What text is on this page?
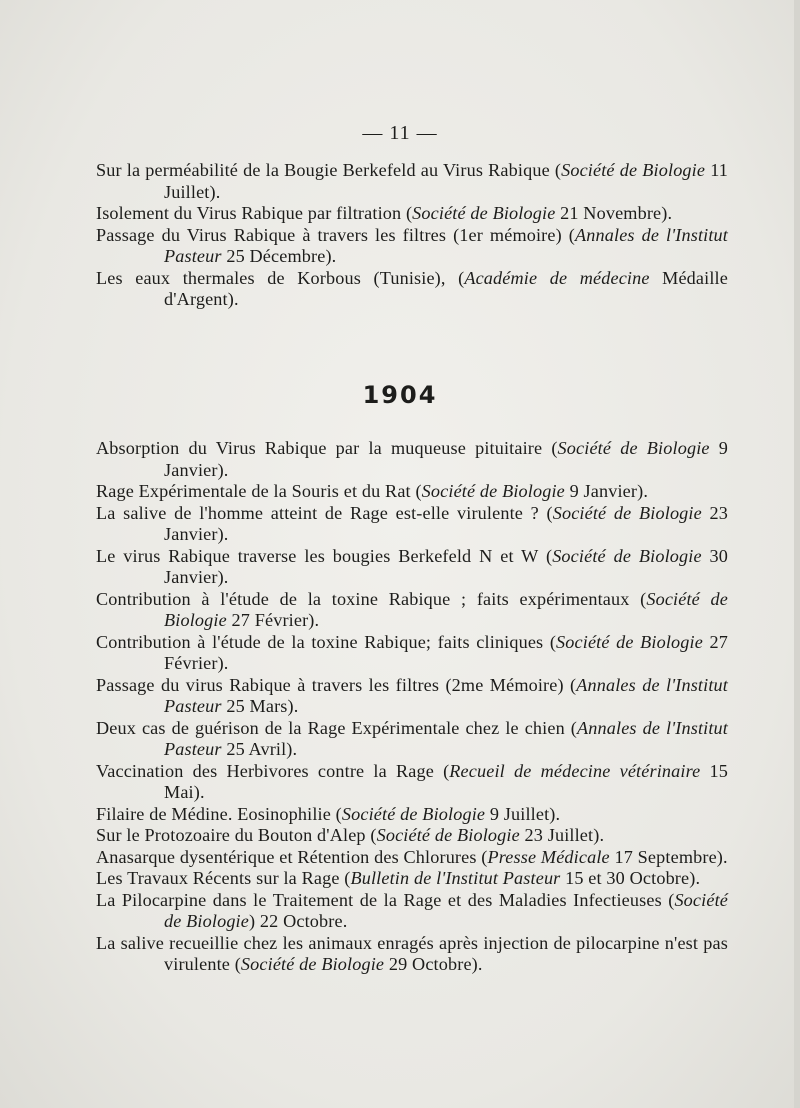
— 11 —

Sur la perméabilité de la Bougie Berkefeld au Virus Rabique (Société de Biologie 11 Juillet).

Isolement du Virus Rabique par filtration (Société de Biologie 21 Novembre).

Passage du Virus Rabique à travers les filtres (1er mémoire) (Annales de l'Institut Pasteur 25 Décembre).

Les eaux thermales de Korbous (Tunisie), (Académie de médecine Médaille d'Argent).

1904

Absorption du Virus Rabique par la muqueuse pituitaire (Société de Biologie 9 Janvier).

Rage Expérimentale de la Souris et du Rat (Société de Biologie 9 Janvier).

La salive de l'homme atteint de Rage est-elle virulente ? (Société de Biologie 23 Janvier).

Le virus Rabique traverse les bougies Berkefeld N et W (Société de Biologie 30 Janvier).

Contribution à l'étude de la toxine Rabique ; faits expérimentaux (Société de Biologie 27 Février).

Contribution à l'étude de la toxine Rabique; faits cliniques (Société de Biologie 27 Février).

Passage du virus Rabique à travers les filtres (2me Mémoire) (Annales de l'Institut Pasteur 25 Mars).

Deux cas de guérison de la Rage Expérimentale chez le chien (Annales de l'Institut Pasteur 25 Avril).

Vaccination des Herbivores contre la Rage (Recueil de médecine vétérinaire 15 Mai).

Filaire de Médine. Eosinophilie (Société de Biologie 9 Juillet).

Sur le Protozoaire du Bouton d'Alep (Société de Biologie 23 Juillet).

Anasarque dysentérique et Rétention des Chlorures (Presse Médicale 17 Septembre).

Les Travaux Récents sur la Rage (Bulletin de l'Institut Pasteur 15 et 30 Octobre).

La Pilocarpine dans le Traitement de la Rage et des Maladies Infectieuses (Société de Biologie) 22 Octobre.

La salive recueillie chez les animaux enragés après injection de pilocarpine n'est pas virulente (Société de Biologie 29 Octobre).
